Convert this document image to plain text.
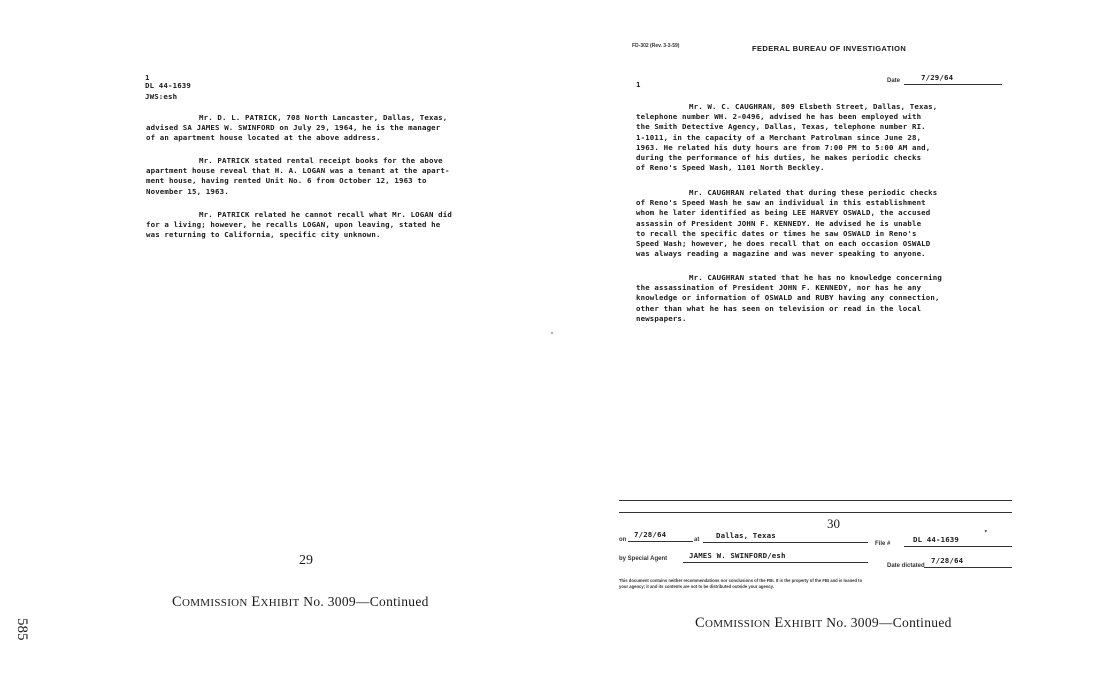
1
DL 44-1639
JWS:esh
Mr. D. L. PATRICK, 708 North Lancaster, Dallas, Texas,
advised SA JAMES W. SWINFORD on July 29, 1964, he is the manager
of an apartment house located at the above address.
Mr. PATRICK stated rental receipt books for the above
apartment house reveal that H. A. LOGAN was a tenant at the apart-
ment house, having rented Unit No. 6 from October 12, 1963 to
November 15, 1963.
Mr. PATRICK related he cannot recall what Mr. LOGAN did
for a living; however, he recalls LOGAN, upon leaving, stated he
was returning to California, specific city unknown.
29
COMMISSION EXHIBIT No. 3009—Continued
585
FD-302 (Rev. 3-3-59)	FEDERAL BUREAU OF INVESTIGATION
Date	7/29/64
1
Mr. W. C. CAUGHRAN, 809 Elsbeth Street, Dallas, Texas,
telephone number WH. 2-0496, advised he has been employed with
the Smith Detective Agency, Dallas, Texas, telephone number RI.
1-1011, in the capacity of a Merchant Patrolman since June 28,
1963. He related his duty hours are from 7:00 PM to 5:00 AM and,
during the performance of his duties, he makes periodic checks
of Reno's Speed Wash, 1101 North Beckley.
Mr. CAUGHRAN related that during these periodic checks
of Reno's Speed Wash he saw an individual in this establishment
whom he later identified as being LEE HARVEY OSWALD, the accused
assassin of President JOHN F. KENNEDY. He advised he is unable
to recall the specific dates or times he saw OSWALD in Reno's
Speed Wash; however, he does recall that on each occasion OSWALD
was always reading a magazine and was never speaking to anyone.
Mr. CAUGHRAN stated that he has no knowledge concerning
the assassination of President JOHN F. KENNEDY, nor has he any
knowledge or information of OSWALD and RUBY having any connection,
other than what he has seen on television or read in the local
newspapers.
30
▾
on
7/28/64
at Dallas, Texas
File #	DL 44-1639
by Special Agent	JAMES W. SWINFORD/esh
Date dictated
7/28/64
This document contains neither recommendations nor conclusions of the FBI. It is the property of the FBI and is loaned to
your agency; it and its contents are not to be distributed outside your agency.
COMMISSION EXHIBIT No. 3009—Continued
